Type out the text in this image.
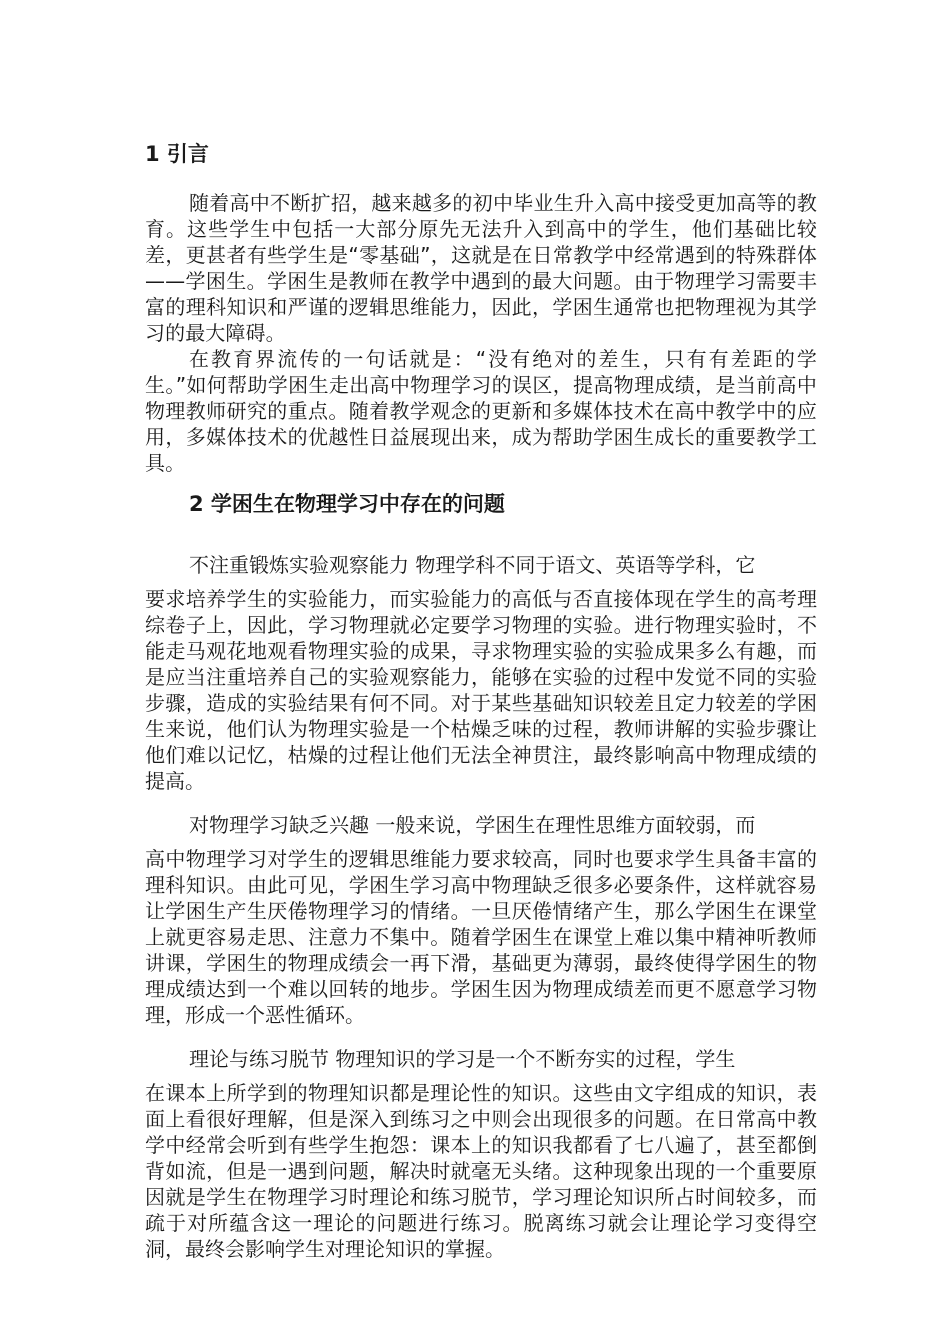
1 引言

随着高中不断扩招，越来越多的初中毕业生升入高中接受更加高等的教育。这些学生中包括一大部分原先无法升入到高中的学生，他们基础比较差，更甚者有些学生是“零基础”，这就是在日常教学中经常遇到的特殊群体——学困生。学困生是教师在教学中遇到的最大问题。由于物理学习需要丰富的理科知识和严谨的逻辑思维能力，因此，学困生通常也把物理视为其学习的最大障碍。

在教育界流传的一句话就是：“没有绝对的差生，只有有差距的学生。”如何帮助学困生走出高中物理学习的误区，提高物理成绩，是当前高中物理教师研究的重点。随着教学观念的更新和多媒体技术在高中教学中的应用，多媒体技术的优越性日益展现出来，成为帮助学困生成长的重要教学工具。

2 学困生在物理学习中存在的问题

不注重锻炼实验观察能力 物理学科不同于语文、英语等学科，它

要求培养学生的实验能力，而实验能力的高低与否直接体现在学生的高考理综卷子上，因此，学习物理就必定要学习物理的实验。进行物理实验时，不能走马观花地观看物理实验的成果，寻求物理实验的实验成果多么有趣，而是应当注重培养自己的实验观察能力，能够在实验的过程中发觉不同的实验步骤，造成的实验结果有何不同。对于某些基础知识较差且定力较差的学困生来说，他们认为物理实验是一个枯燥乏味的过程，教师讲解的实验步骤让他们难以记忆，枯燥的过程让他们无法全神贯注，最终影响高中物理成绩的提高。

对物理学习缺乏兴趣 一般来说，学困生在理性思维方面较弱，而

高中物理学习对学生的逻辑思维能力要求较高，同时也要求学生具备丰富的理科知识。由此可见，学困生学习高中物理缺乏很多必要条件，这样就容易让学困生产生厌倦物理学习的情绪。一旦厌倦情绪产生，那么学困生在课堂上就更容易走思、注意力不集中。随着学困生在课堂上难以集中精神听教师讲课，学困生的物理成绩会一再下滑，基础更为薄弱，最终使得学困生的物理成绩达到一个难以回转的地步。学困生因为物理成绩差而更不愿意学习物理，形成一个恶性循环。

理论与练习脱节 物理知识的学习是一个不断夯实的过程，学生

在课本上所学到的物理知识都是理论性的知识。这些由文字组成的知识，表面上看很好理解，但是深入到练习之中则会出现很多的问题。在日常高中教学中经常会听到有些学生抱怨：课本上的知识我都看了七八遍了，甚至都倒背如流，但是一遇到问题，解决时就毫无头绪。这种现象出现的一个重要原因就是学生在物理学习时理论和练习脱节，学习理论知识所占时间较多，而疏于对所蕴含这一理论的问题进行练习。脱离练习就会让理论学习变得空洞，最终会影响学生对理论知识的掌握。
